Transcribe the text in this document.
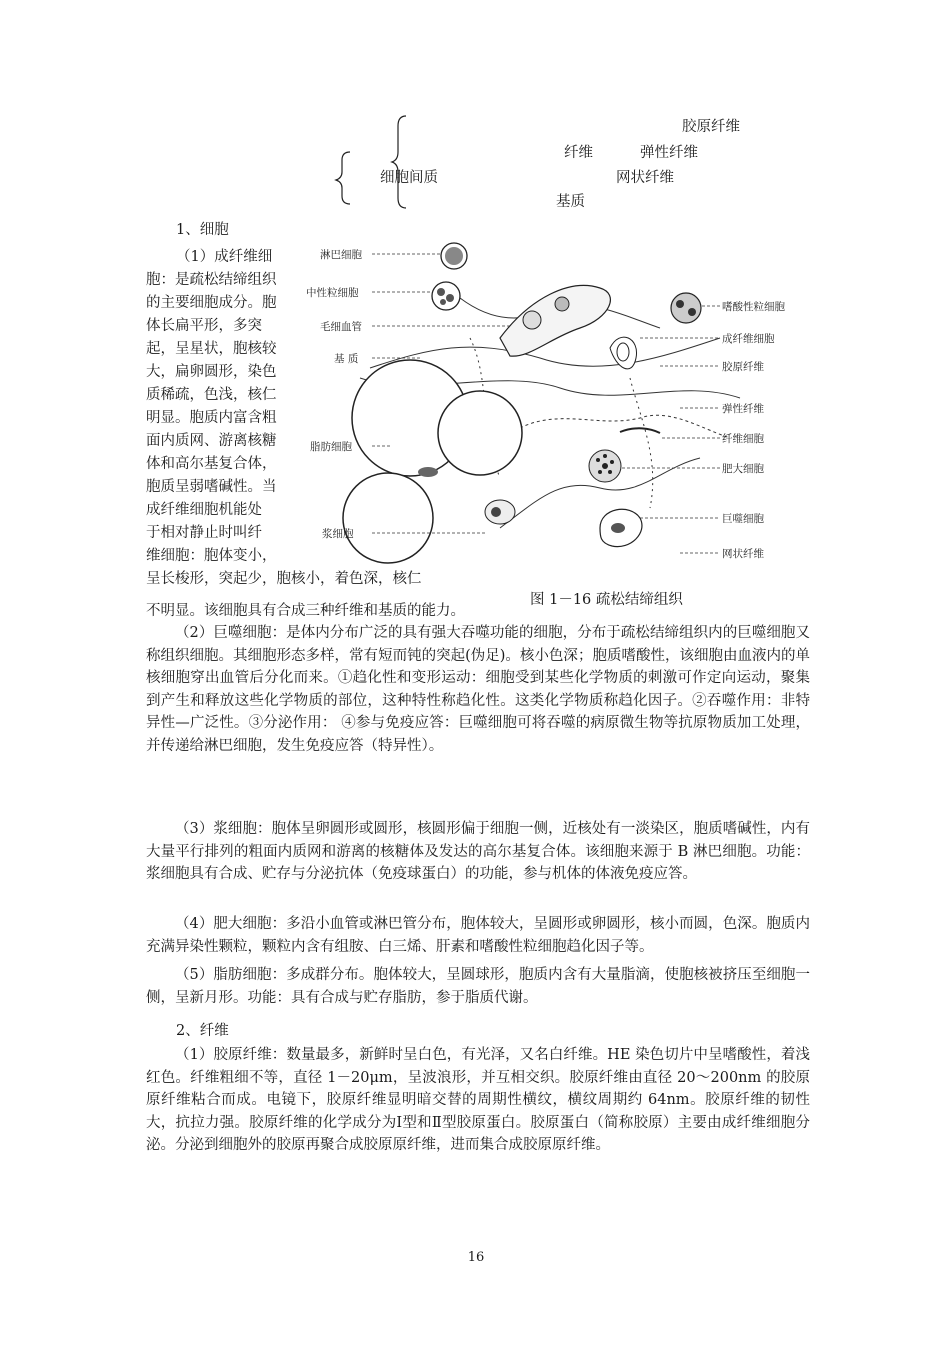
胶原纤维
纤维	弹性纤维
细胞间质	网状纤维
基质
1、细胞
（1）成纤维细
胞：是疏松结缔组织
的主要细胞成分。胞
体长扁平形，多突
起，呈星状，胞核较
大，扁卵圆形，染色
质稀疏，色浅，核仁
明显。胞质内富含粗
面内质网、游离核糖
体和高尔基复合体，
胞质呈弱嗜碱性。当
成纤维细胞机能处
于相对静止时叫纤
维细胞：胞体变小，
呈长梭形，突起少，胞核小，着色深，核仁
不明显。该细胞具有合成三种纤维和基质的能力。
淋巴细胞
中性粒细胞
毛细血管
基 质
脂肪细胞
浆细胞
嗜酸性粒细胞
成纤维细胞
胶原纤维
弹性纤维
纤维细胞
肥大细胞
巨噬细胞
网状纤维
图 1－16 疏松结缔组织
（2）巨噬细胞：是体内分布广泛的具有强大吞噬功能的细胞，分布于疏松结缔组织内的巨噬细胞又称组织细胞。其细胞形态多样，常有短而钝的突起(伪足)。核小色深；胞质嗜酸性，该细胞由血液内的单核细胞穿出血管后分化而来。①趋化性和变形运动：细胞受到某些化学物质的刺激可作定向运动，聚集到产生和释放这些化学物质的部位，这种特性称趋化性。这类化学物质称趋化因子。②吞噬作用：非特异性—广泛性。③分泌作用： ④参与免疫应答：巨噬细胞可将吞噬的病原微生物等抗原物质加工处理，并传递给淋巴细胞，发生免疫应答（特异性）。
（3）浆细胞：胞体呈卵圆形或圆形，核圆形偏于细胞一侧，近核处有一淡染区，胞质嗜碱性，内有大量平行排列的粗面内质网和游离的核糖体及发达的高尔基复合体。该细胞来源于 B 淋巴细胞。功能：浆细胞具有合成、贮存与分泌抗体（免疫球蛋白）的功能，参与机体的体液免疫应答。
（4）肥大细胞：多沿小血管或淋巴管分布，胞体较大，呈圆形或卵圆形，核小而圆，色深。胞质内充满异染性颗粒，颗粒内含有组胺、白三烯、肝素和嗜酸性粒细胞趋化因子等。
（5）脂肪细胞：多成群分布。胞体较大，呈圆球形，胞质内含有大量脂滴，使胞核被挤压至细胞一侧，呈新月形。功能：具有合成与贮存脂肪，参于脂质代谢。
2、纤维
（1）胶原纤维：数量最多，新鲜时呈白色，有光泽，又名白纤维。HE 染色切片中呈嗜酸性，着浅红色。纤维粗细不等，直径 1－20μm，呈波浪形，并互相交织。胶原纤维由直径 20～200nm 的胶原原纤维粘合而成。电镜下，胶原纤维显明暗交替的周期性横纹，横纹周期约 64nm。胶原纤维的韧性大，抗拉力强。胶原纤维的化学成分为Ⅰ型和Ⅱ型胶原蛋白。胶原蛋白（简称胶原）主要由成纤维细胞分泌。分泌到细胞外的胶原再聚合成胶原原纤维，进而集合成胶原原纤维。
16
